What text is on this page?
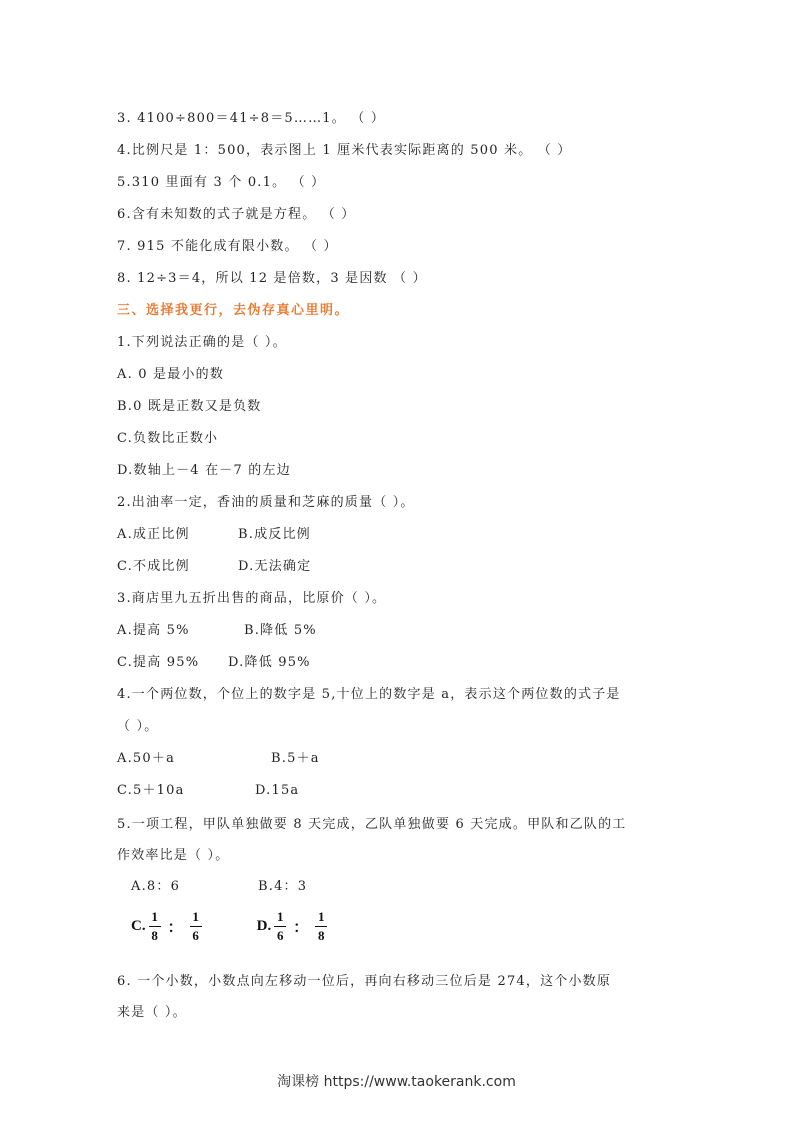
3. 4100÷800＝41÷8＝5……1。 （ ）
4.比例尺是 1：500，表示图上 1 厘米代表实际距离的 500 米。 （ ）
5.310 里面有 3 个 0.1。 （ ）
6.含有未知数的式子就是方程。 （ ）
7. 915 不能化成有限小数。 （ ）
8. 12÷3＝4，所以 12 是倍数，3 是因数 （ ）
三、选择我更行，去伪存真心里明。
1.下列说法正确的是（ ）。
A. 0 是最小的数
B.0 既是正数又是负数
C.负数比正数小
D.数轴上－4 在－7 的左边
2.出油率一定，香油的质量和芝麻的质量（ ）。
A.成正比例	B.成反比例
C.不成比例	D.无法确定
3.商店里九五折出售的商品，比原价（ ）。
A.提高 5%	B.降低 5%
C.提高 95% D.降低 95%
4.一个两位数，个位上的数字是 5,十位上的数字是 a，表示这个两位数的式子是
（ ）。
A.50＋a	B.5＋a
C.5＋10a	D.15a
5.一项工程，甲队单独做要 8 天完成，乙队单独做要 6 天完成。甲队和乙队的工
作效率比是（ ）。
A.8：6	B.4：3
C. $\frac{1}{8}$ ： $\frac{1}{6}$	D. $\frac{1}{6}$ ： $\frac{1}{8}$
6. 一个小数，小数点向左移动一位后，再向右移动三位后是 274，这个小数原
来是（ ）。
淘课榜 https://www.taokerank.com
